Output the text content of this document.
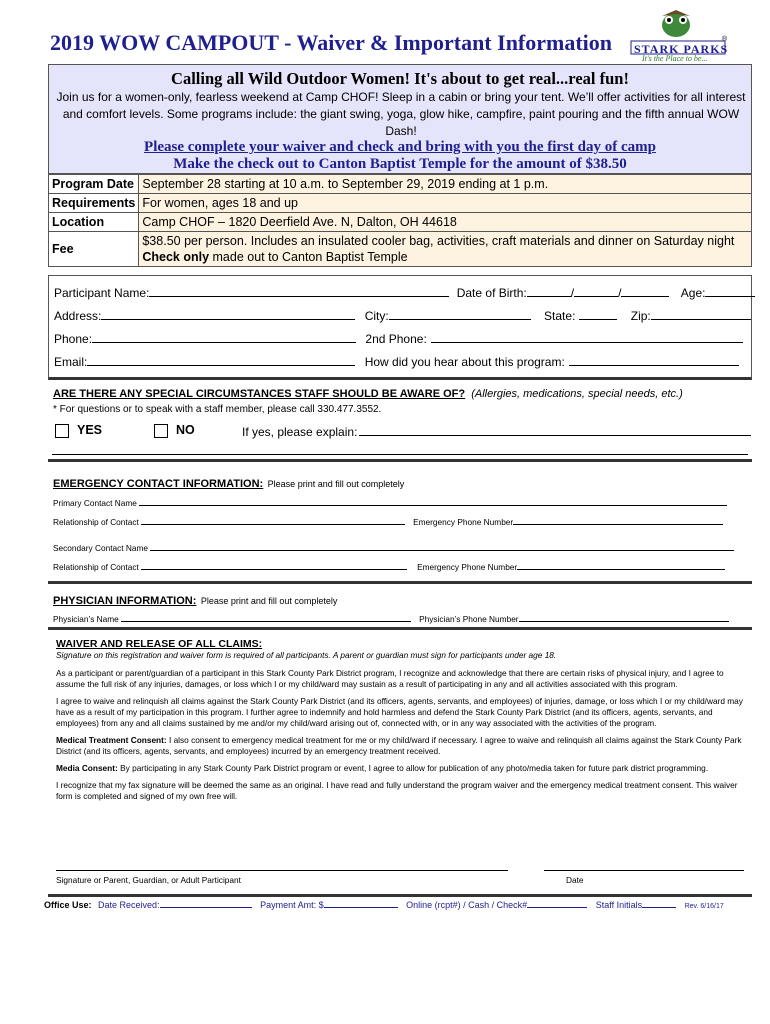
2019 WOW CAMPOUT - Waiver & Important Information STARK PARKS
®
It's the Place to be...
Calling all Wild Outdoor Women! It's about to get real...real fun!
Join us for a women-only, fearless weekend at Camp CHOF! Sleep in a cabin or bring your tent. We’ll offer activities for all interest and comfort levels. Some programs include: the giant swing, yoga, glow hike, campfire, paint pouring and the fifth annual WOW Dash!
Please complete your waiver and check and bring with you the first day of camp
Make the check out to Canton Baptist Temple for the amount of $38.50
Program Date	September 28 starting at 10 a.m. to September 29, 2019 ending at 1 p.m.
Requirements	For women, ages 18 and up
Location	Camp CHOF – 1820 Deerfield Ave. N, Dalton, OH 44618
Fee	$38.50 per person. Includes an insulated cooler bag, activities, craft materials and dinner on Saturday night
Check only made out to Canton Baptist Temple
Participant Name:	Date of Birth:	/	/	Age:
Address:	City:	State:	Zip:
Phone:	2nd Phone:
Email:	How did you hear about this program:
ARE THERE ANY SPECIAL CIRCUMSTANCES STAFF SHOULD BE AWARE OF? (Allergies, medications, special needs, etc.)
* For questions or to speak with a staff member, please call 330.477.3552.
YES	NO	If yes, please explain:
EMERGENCY CONTACT INFORMATION: Please print and fill out completely
Primary Contact Name
Relationship of Contact	Emergency Phone Number
Secondary Contact Name
Relationship of Contact	Emergency Phone Number
PHYSICIAN INFORMATION: Please print and fill out completely
Physician’s Name	Physician’s Phone Number
WAIVER AND RELEASE OF ALL CLAIMS:
Signature on this registration and waiver form is required of all participants. A parent or guardian must sign for participants under age 18.

As a participant or parent/guardian of a participant in this Stark County Park District program, I recognize and acknowledge that there are certain risks of physical injury, and I agree to assume the full risk of any injuries, damages, or loss which I or my child/ward may sustain as a result of participating in any and all activities associated with this program.

I agree to waive and relinquish all claims against the Stark County Park District (and its officers, agents, servants, and employees) of injuries, damage, or loss which I or my child/ward may have as a result of my participation in this program. I further agree to indemnify and hold harmless and defend the Stark County Park District (and its officers, agents, servants, and employees) from any and all claims sustained by me and/or my child/ward arising out of, connected with, or in any way associated with the activities of the program.

Medical Treatment Consent: I also consent to emergency medical treatment for me or my child/ward if necessary. I agree to waive and relinquish all claims against the Stark County Park District (and its officers, agents, servants, and employees) incurred by an emergency treatment received.

Media Consent: By participating in any Stark County Park District program or event, I agree to allow for publication of any photo/media taken for future park district programming.

I recognize that my fax signature will be deemed the same as an original. I have read and fully understand the program waiver and the emergency medical treatment consent. This waiver form is completed and signed of my own free will.

Signature or Parent, Guardian, or Adult Participant	Date
Office Use: Date Received:	Payment Amt: $	Online (rcpt#) / Cash / Check#	Staff Initials	Rev. 6/16/17
